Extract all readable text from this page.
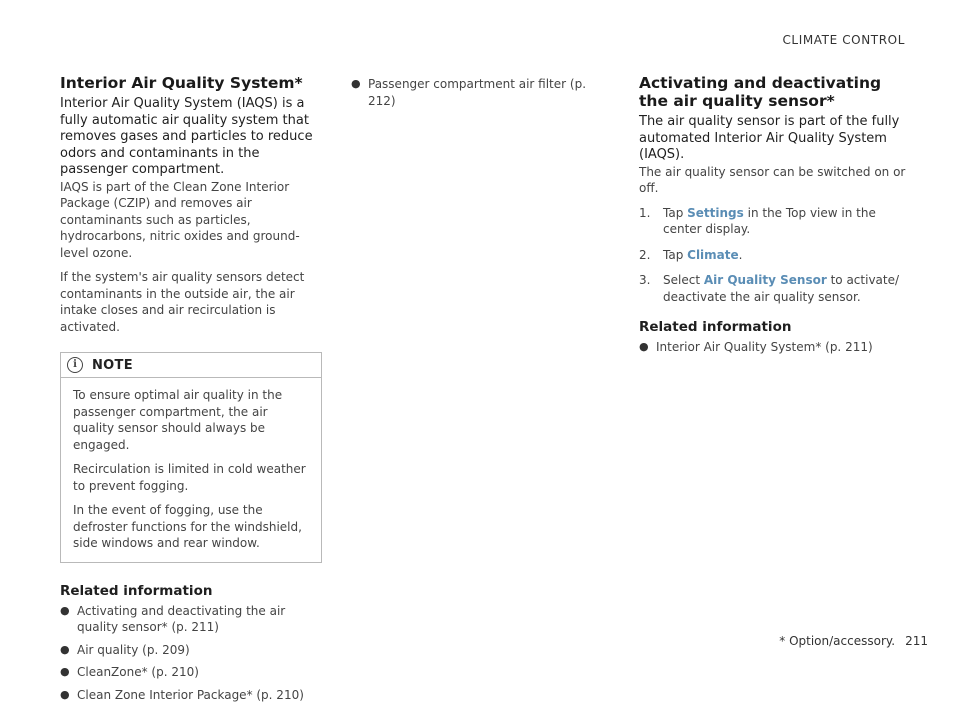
CLIMATE CONTROL
Interior Air Quality System*

Interior Air Quality System (IAQS) is a fully automatic air quality system that removes gases and particles to reduce odors and contaminants in the passenger compartment.

IAQS is part of the Clean Zone Interior Package (CZIP) and removes air contaminants such as particles, hydrocarbons, nitric oxides and ground-level ozone.

If the system's air quality sensors detect contaminants in the outside air, the air intake closes and air recirculation is activated.

i	NOTE

To ensure optimal air quality in the passenger compartment, the air quality sensor should always be engaged.

Recirculation is limited in cold weather to prevent fogging.

In the event of fogging, use the defroster functions for the windshield, side windows and rear window.

Related information
● Activating and deactivating the air quality sensor* (p. 211)
● Air quality (p. 209)
● CleanZone* (p. 210)
● Clean Zone Interior Package* (p. 210)
● Passenger compartment air filter (p. 212)
Activating and deactivating the air quality sensor*

The air quality sensor is part of the fully automated Interior Air Quality System (IAQS).

The air quality sensor can be switched on or off.

1. Tap Settings in the Top view in the center display.
2. Tap Climate.
3. Select Air Quality Sensor to activate/ deactivate the air quality sensor.
Related information
● Interior Air Quality System* (p. 211)
* Option/accessory. 211
